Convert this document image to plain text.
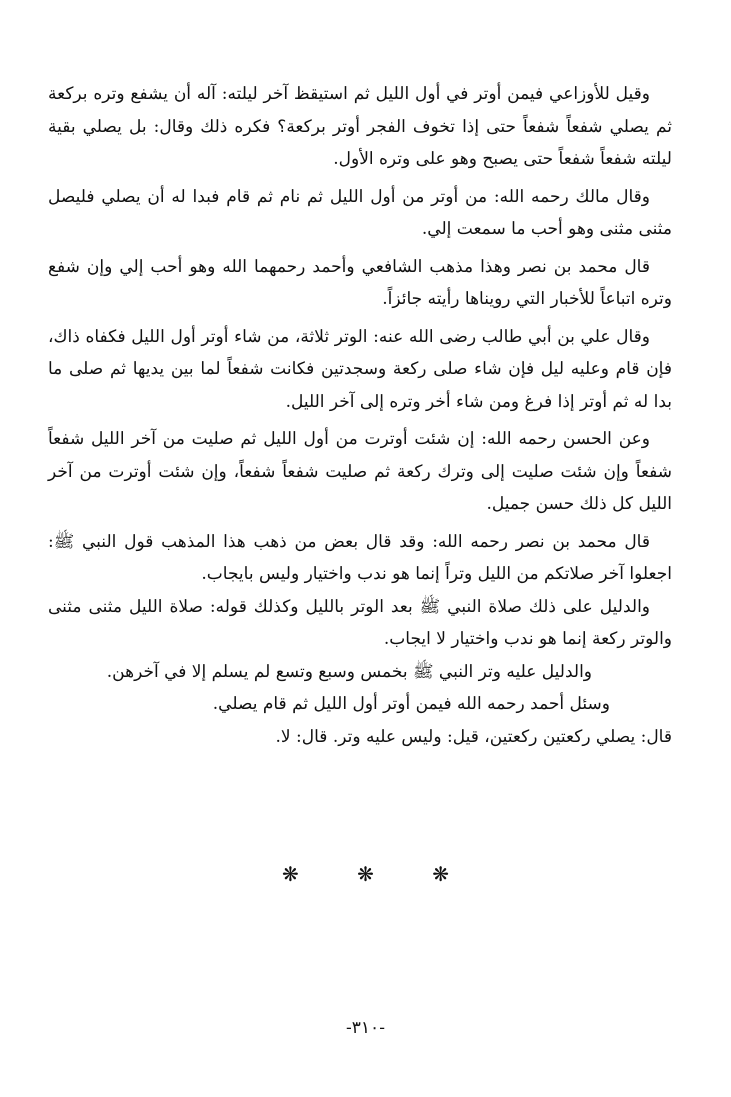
وقيل للأوزاعي فيمن أوتر في أول الليل ثم استيقظ آخر ليلته: آله أن يشفع وتره بركعة ثم يصلي شفعاً شفعاً حتى إذا تخوف الفجر أوتر بركعة؟ فكره ذلك وقال: بل يصلي بقية ليلته شفعاً شفعاً حتى يصبح وهو على وتره الأول.

وقال مالك رحمه الله: من أوتر من أول الليل ثم نام ثم قام فبدا له أن يصلي فليصل مثنى مثنى وهو أحب ما سمعت إلي.

قال محمد بن نصر وهذا مذهب الشافعي وأحمد رحمهما الله وهو أحب إلي وإن شفع وتره اتباعاً للأخبار التي رويناها رأيته جائزاً.

وقال علي بن أبي طالب رضى الله عنه: الوتر ثلاثة، من شاء أوتر أول الليل فكفاه ذاك، فإن قام وعليه ليل فإن شاء صلى ركعة وسجدتين فكانت شفعاً لما بين يديها ثم صلى ما بدا له ثم أوتر إذا فرغ ومن شاء أخر وتره إلى آخر الليل.

وعن الحسن رحمه الله: إن شئت أوترت من أول الليل ثم صليت من آخر الليل شفعاً شفعاً وإن شئت صليت إلى وترك ركعة ثم صليت شفعاً شفعاً، وإن شئت أوترت من آخر الليل كل ذلك حسن جميل.

قال محمد بن نصر رحمه الله: وقد قال بعض من ذهب هذا المذهب قول النبي ﷺ: اجعلوا آخر صلاتكم من الليل وتراً إنما هو ندب واختيار وليس بايجاب.

والدليل على ذلك صلاة النبي ﷺ بعد الوتر بالليل وكذلك قوله: صلاة الليل مثنى مثنى والوتر ركعة إنما هو ندب واختيار لا ايجاب.

والدليل عليه وتر النبي ﷺ بخمس وسبع وتسع لم يسلم إلا في آخرهن.

وسئل أحمد رحمه الله فيمن أوتر أول الليل ثم قام يصلي.

قال: يصلي ركعتين ركعتين، قيل: وليس عليه وتر. قال: لا.

❋	❋	❋
-٣١٠-
